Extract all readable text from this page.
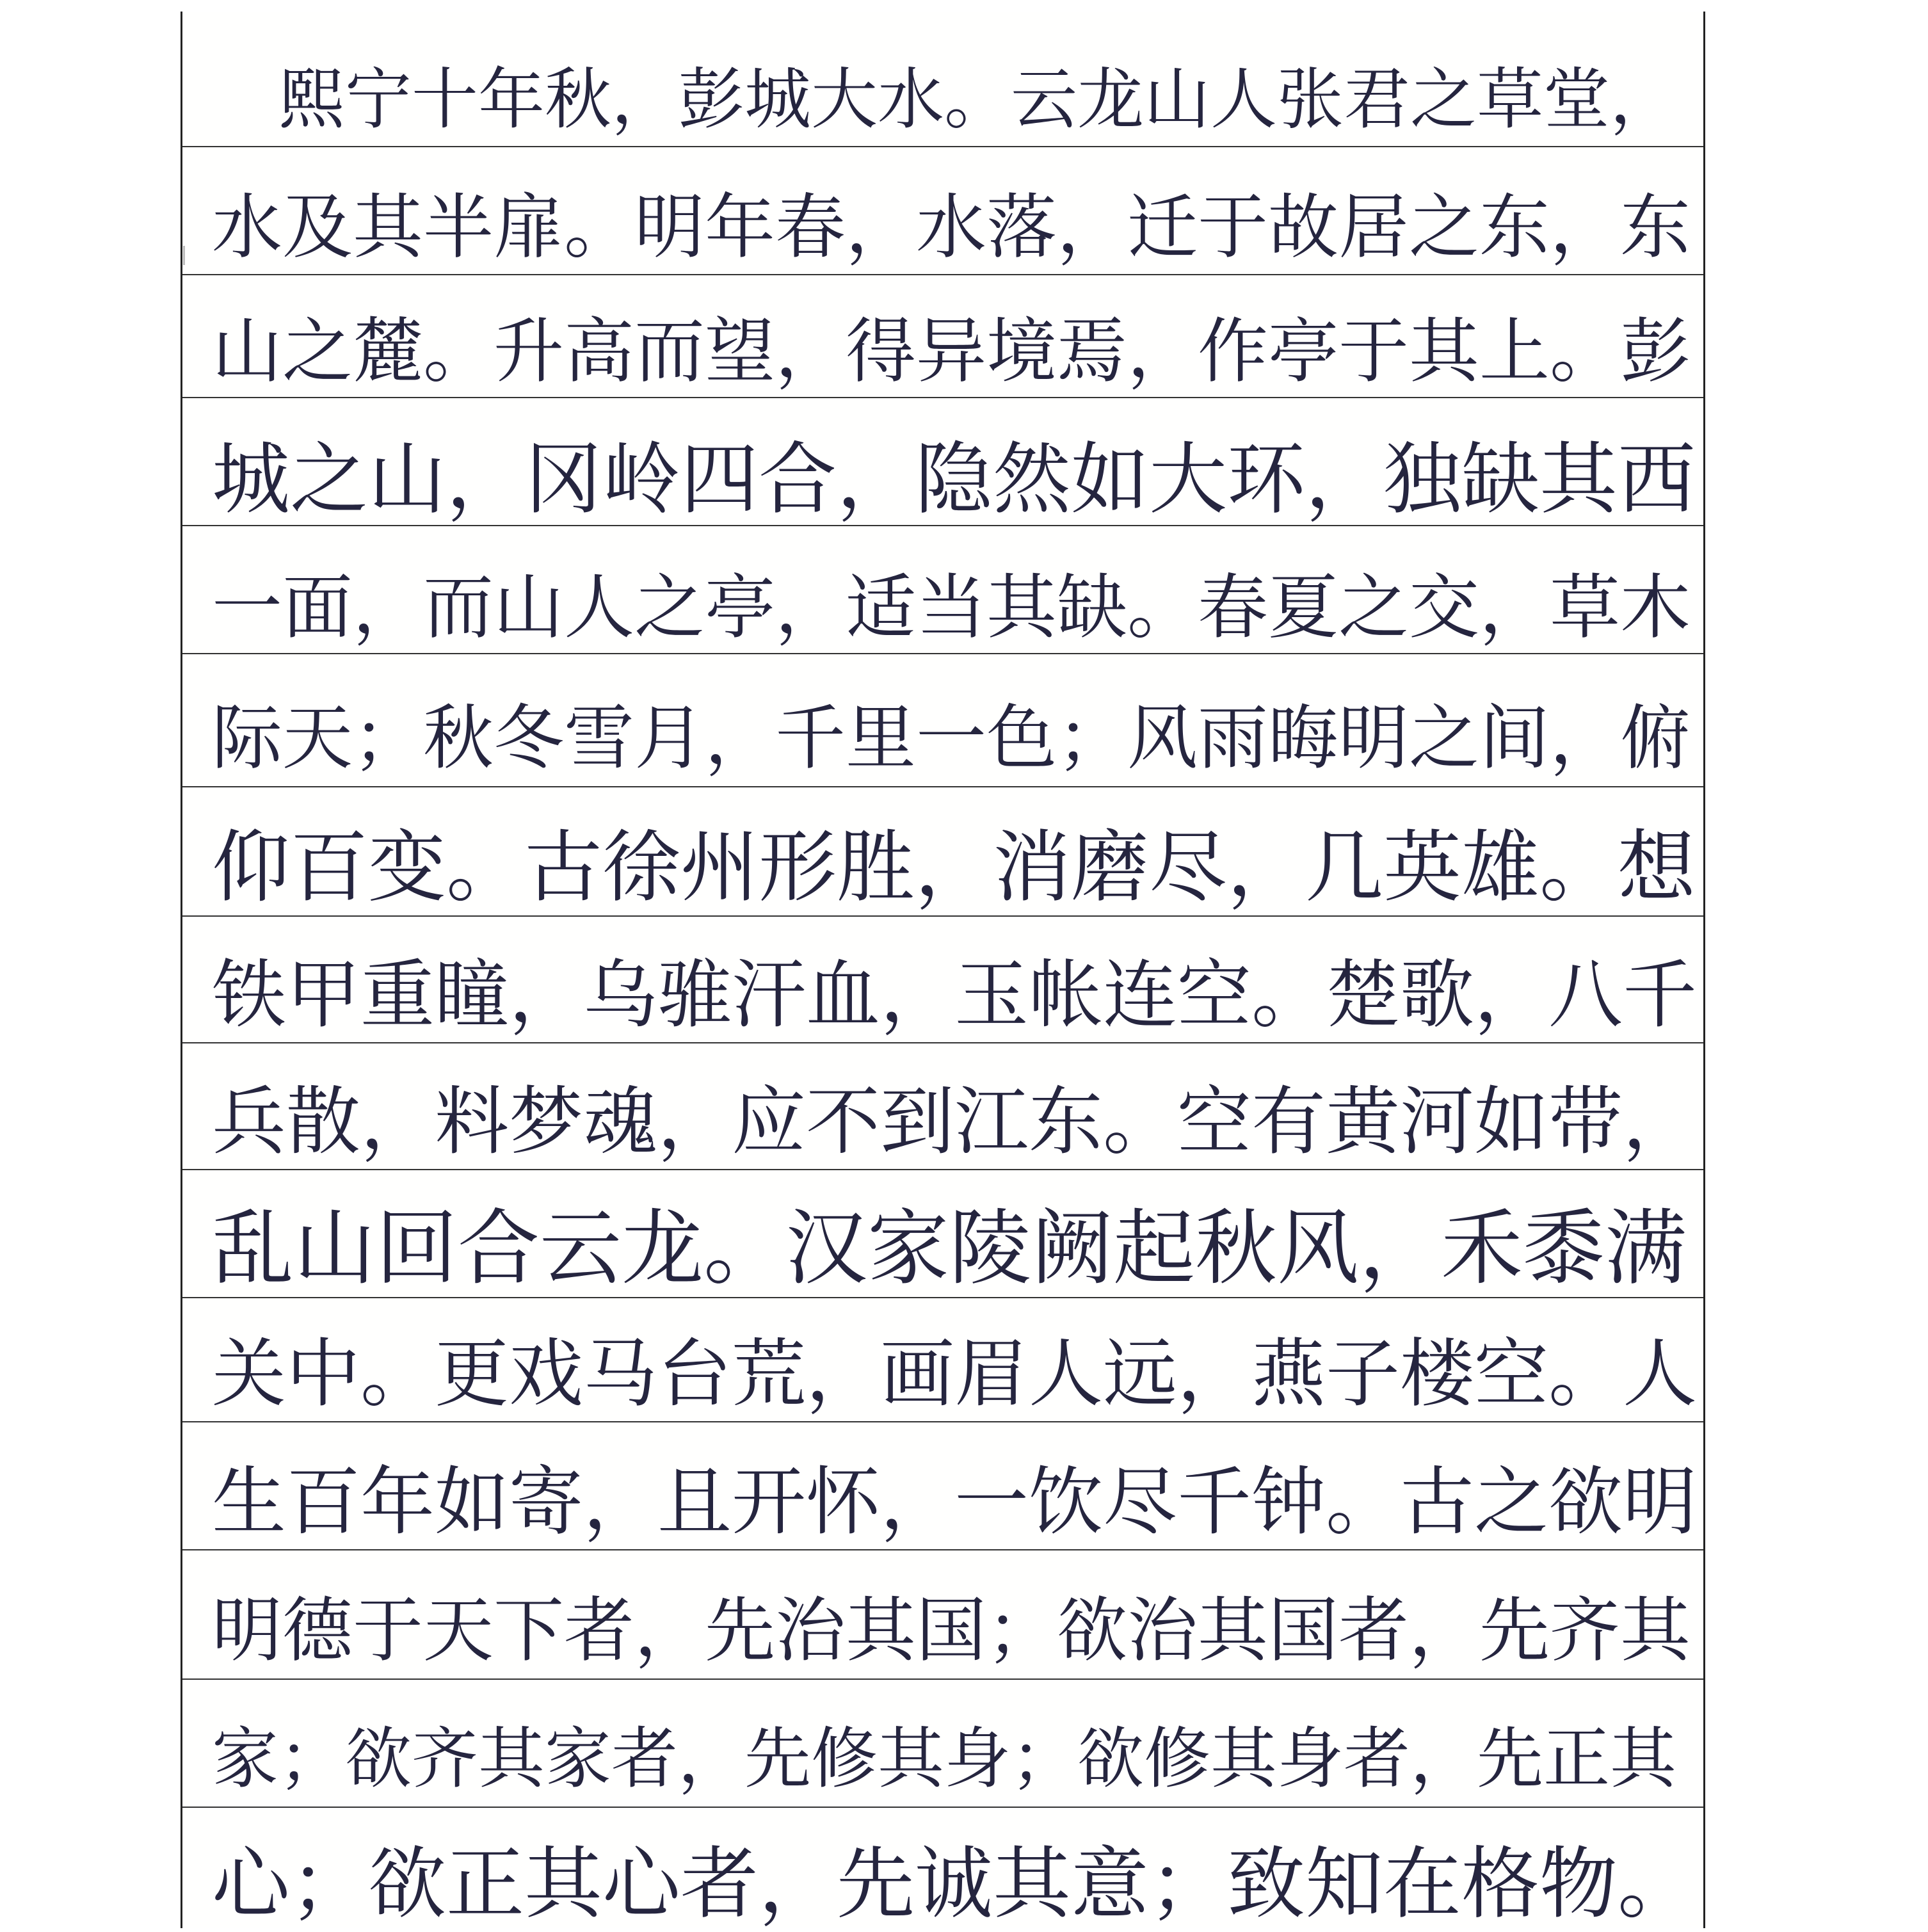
　熙宁十年秋，彭城大水。云龙山人张君之草堂，
水及其半扉。明年春，水落，迁于故居之东，东
山之麓。升高而望，得异境焉，作亭于其上。彭
城之山，冈岭四合，隐然如大环，独缺其西
一面，而山人之亭，适当其缺。春夏之交，草木
际天；秋冬雪月，千里一色；风雨晦明之间，俯
仰百变。古徐州形胜，消磨尽，几英雄。想
铁甲重瞳，乌骓汗血，玉帐连空。楚歌，八千
兵散，料梦魂，应不到江东。空有黄河如带，
乱山回合云龙。汉家陵阙起秋风，禾黍满
关中。更戏马台荒，画眉人远，燕子楼空。人
生百年如寄，且开怀，一饮尽千钟。古之欲明
明德于天下者，先治其国；欲治其国者，先齐其
家；欲齐其家者，先修其身；欲修其身者，先正其
心；欲正其心者，先诚其意；致知在格物。
